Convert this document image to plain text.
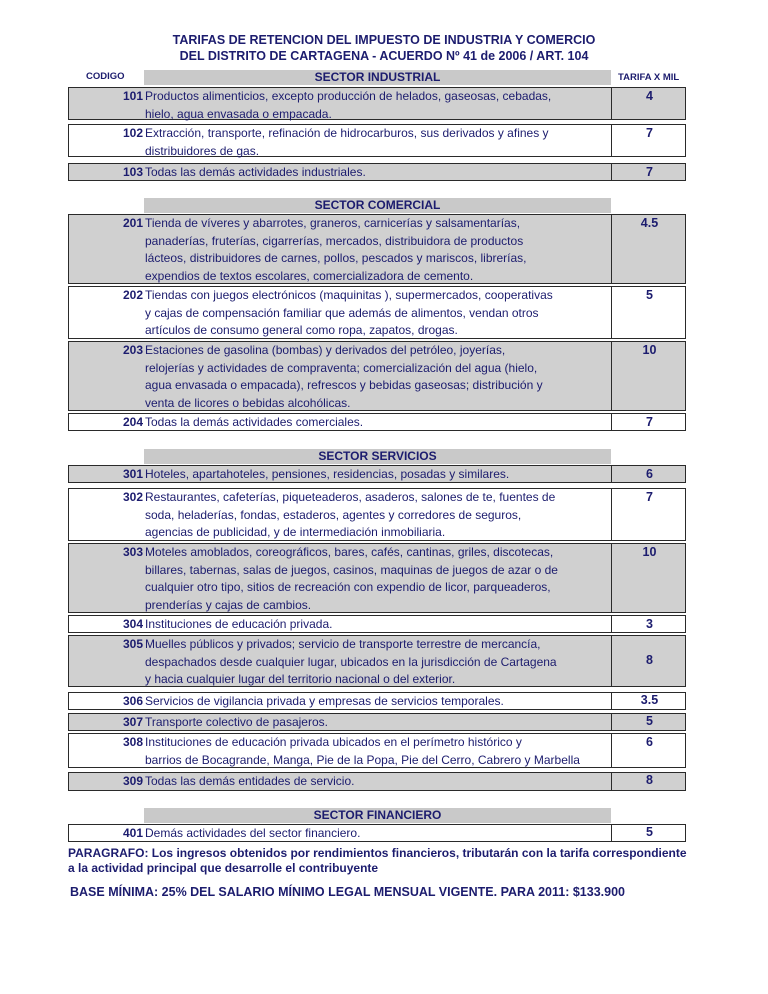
TARIFAS DE RETENCION DEL IMPUESTO DE INDUSTRIA Y COMERCIO
DEL DISTRITO DE CARTAGENA - ACUERDO Nº 41 de 2006 / ART. 104
CODIGO	TARIFA X MIL
SECTOR INDUSTRIAL
101 Productos alimenticios, excepto producción de helados, gaseosas, cebadas,
hielo, agua envasada o empacada.
4
102 Extracción, transporte, refinación de hidrocarburos, sus derivados y afines y
distribuidores de gas.
7
103 Todas las demás actividades industriales.	7
SECTOR COMERCIAL
201 Tienda de víveres y abarrotes, graneros, carnicerías y salsamentarías,
panaderías, fruterías, cigarrerías, mercados, distribuidora de productos
lácteos, distribuidores de carnes, pollos, pescados y mariscos, librerías,
expendios de textos escolares, comercializadora de cemento.
4.5
202 Tiendas con juegos electrónicos (maquinitas ), supermercados, cooperativas
y cajas de compensación familiar que además de alimentos, vendan otros
artículos de consumo general como ropa, zapatos, drogas.
5
203 Estaciones de gasolina (bombas) y derivados del petróleo, joyerías,
relojerías y actividades de compraventa; comercialización del agua (hielo,
agua envasada o empacada), refrescos y bebidas gaseosas; distribución y
venta de licores o bebidas alcohólicas.
10
204 Todas la demás actividades comerciales.	7
SECTOR SERVICIOS
301 Hoteles, apartahoteles, pensiones, residencias, posadas y similares.	6
302 Restaurantes, cafeterías, piqueteaderos, asaderos, salones de te, fuentes de
soda, heladerías, fondas, estaderos, agentes y corredores de seguros,
agencias de publicidad, y de intermediación inmobiliaria.
7
303 Moteles amoblados, coreográficos, bares, cafés, cantinas, griles, discotecas,
billares, tabernas, salas de juegos, casinos, maquinas de juegos de azar o de
cualquier otro tipo, sitios de recreación con expendio de licor, parqueaderos,
prenderías y cajas de cambios.
10
304 Instituciones de educación privada.	3
305 Muelles públicos y privados; servicio de transporte terrestre de mercancía,
despachados desde cualquier lugar, ubicados en la jurisdicción de Cartagena
y hacia cualquier lugar del territorio nacional o del exterior.
8
306 Servicios de vigilancia privada y empresas de servicios temporales.	3.5
307 Transporte colectivo de pasajeros.	5
308 Instituciones de educación privada ubicados en el perímetro histórico y
barrios de Bocagrande, Manga, Pie de la Popa, Pie del Cerro, Cabrero y Marbella
6
309 Todas las demás entidades de servicio.	8
SECTOR FINANCIERO
401 Demás actividades del sector financiero.	5
PARAGRAFO: Los ingresos obtenidos por rendimientos financieros, tributarán con la tarifa correspondiente
a la actividad principal que desarrolle el contribuyente
BASE MÍNIMA: 25% DEL SALARIO MÍNIMO LEGAL MENSUAL VIGENTE. PARA 2011: $133.900
